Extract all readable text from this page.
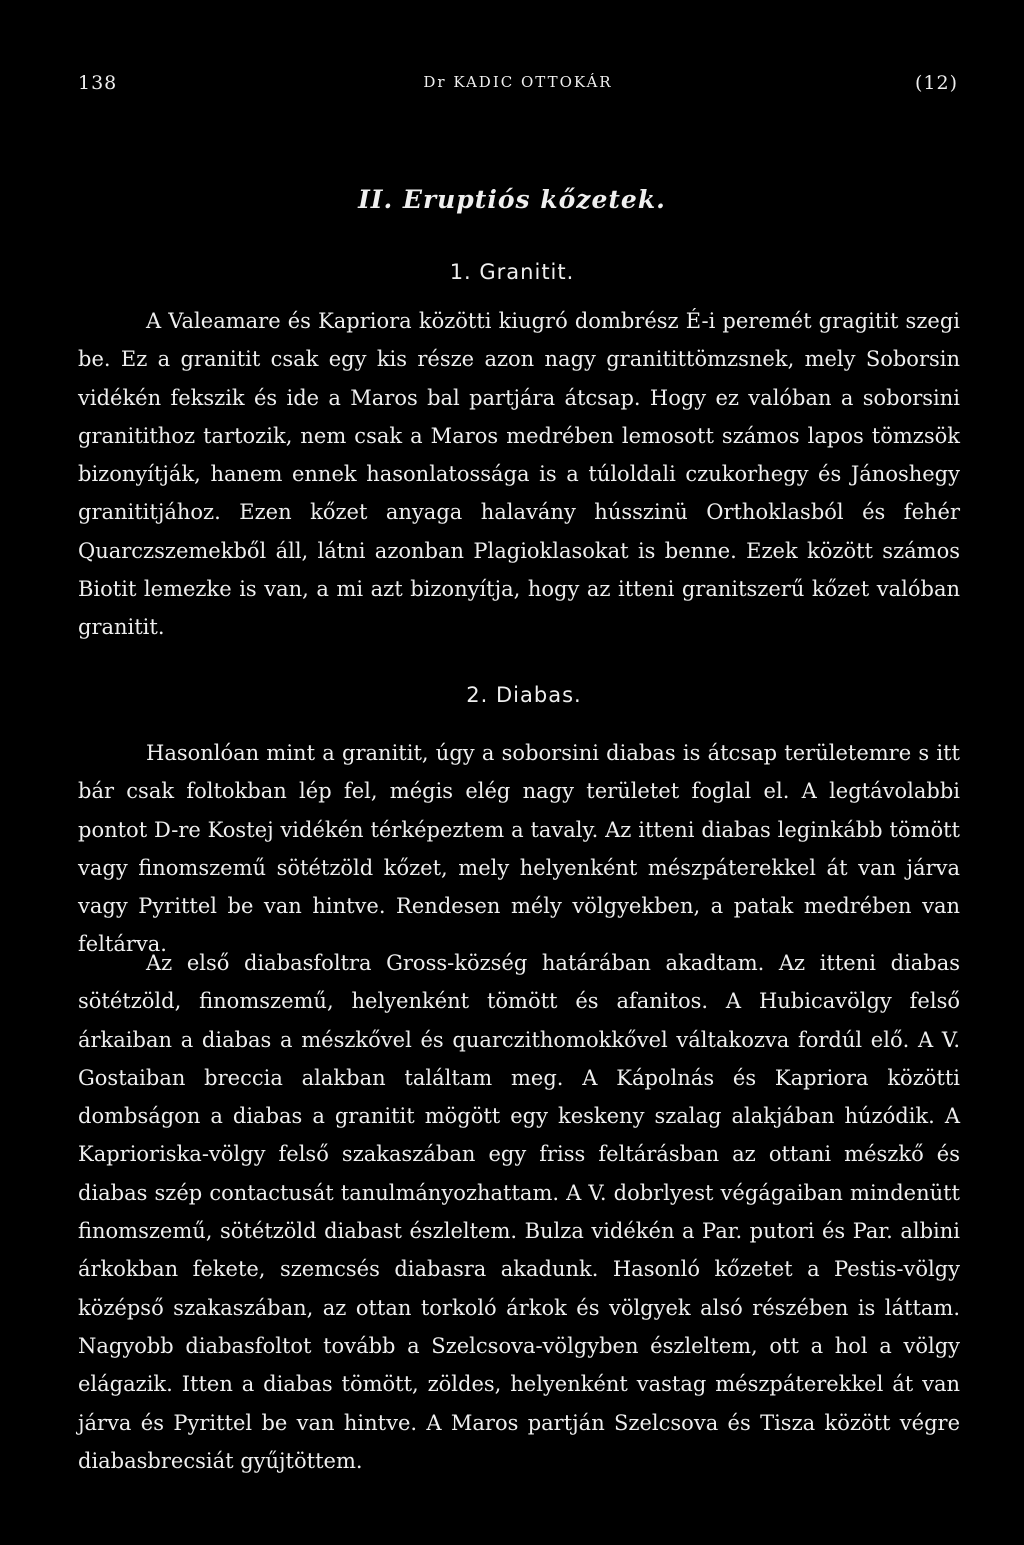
138	Dr KADIC OTTOKÁR	(12)
II. Eruptiós kőzetek.
1. Granitit.

A Valeamare és Kapriora közötti kiugró dombrész É-i peremét gragitit szegi be. Ez a granitit csak egy kis része azon nagy granitittömzsnek, mely Soborsin vidékén fekszik és ide a Maros bal partjára átcsap. Hogy ez valóban a soborsini granitithoz tartozik, nem csak a Maros medrében lemosott számos lapos tömzsök bizonyítják, hanem ennek hasonlatossága is a túloldali czukorhegy és Jánoshegy granititjához. Ezen kőzet anyaga halavány hússzinü Orthoklasból és fehér Quarczszemekből áll, látni azonban Plagioklasokat is benne. Ezek között számos Biotit lemezke is van, a mi azt bizonyítja, hogy az itteni granitszerű kőzet valóban granitit.

2. Diabas.

Hasonlóan mint a granitit, úgy a soborsini diabas is átcsap területemre s itt bár csak foltokban lép fel, mégis elég nagy területet foglal el. A legtávolabbi pontot D-re Kostej vidékén térképeztem a tavaly. Az itteni diabas leginkább tömött vagy finomszemű sötétzöld kőzet, mely helyenként mészpáterekkel át van járva vagy Pyrittel be van hintve. Rendesen mély völgyekben, a patak medrében van feltárva.

Az első diabasfoltra Gross-község határában akadtam. Az itteni diabas sötétzöld, finomszemű, helyenként tömött és afanitos. A Hubicavölgy felső árkaiban a diabas a mészkővel és quarczithomokkővel váltakozva fordúl elő. A V. Gostaiban breccia alakban találtam meg. A Kápolnás és Kapriora közötti dombságon a diabas a granitit mögött egy keskeny szalag alakjában húzódik. A Kaprioriska-völgy felső szakaszában egy friss feltárásban az ottani mészkő és diabas szép contactusát tanulmányozhattam. A V. dobrlyest végágaiban mindenütt finomszemű, sötétzöld diabast észleltem. Bulza vidékén a Par. putori és Par. albini árkokban fekete, szemcsés diabasra akadunk. Hasonló kőzetet a Pestis-völgy középső szakaszában, az ottan torkoló árkok és völgyek alsó részében is láttam. Nagyobb diabasfoltot tovább a Szelcsova-völgyben észleltem, ott a hol a völgy elágazik. Itten a diabas tömött, zöldes, helyenként vastag mészpáterekkel át van járva és Pyrittel be van hintve. A Maros partján Szelcsova és Tisza között végre diabasbrecsiát gyűjtöttem.
